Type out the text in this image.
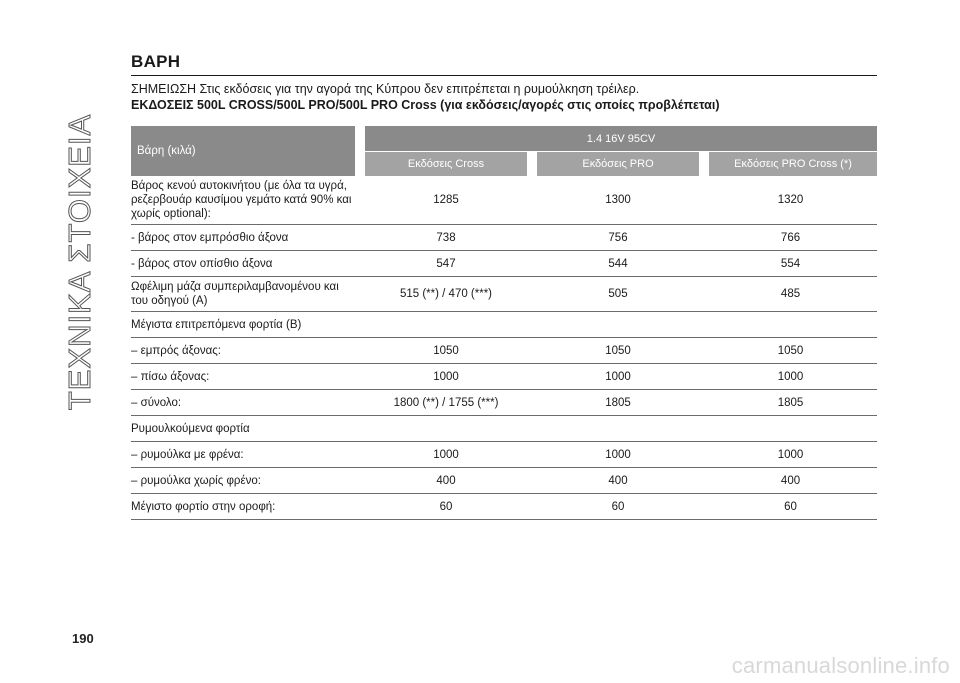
ΤΕΧΝΙΚΑ ΣΤΟΙΧΕΙΑ
ΒΑΡΗ
ΣΗΜΕΙΩΣΗ Στις εκδόσεις για την αγορά της Κύπρου δεν επιτρέπεται η ρυμούλκηση τρέιλερ.
ΕΚΔΟΣΕΙΣ 500L CROSS/500L PRO/500L PRO Cross (για εκδόσεις/αγορές στις οποίες προβλέπεται)
Βάρη (κιλά)	1.4 16V 95CV		
	Εκδόσεις Cross	Εκδόσεις PRO	Εκδόσεις PRO Cross (*)
Βάρος κενού αυτοκινήτου (με όλα τα υγρά, ρεζερβουάρ καυσίμου γεμάτο κατά 90% και χωρίς optional):	1285	1300	1320
- βάρος στον εμπρόσθιο άξονα	738	756	766
- βάρος στον οπίσθιο άξονα	547	544	554
Ωφέλιμη μάζα συμπεριλαμβανομένου και του οδηγού (A)	515 (**) / 470 (***)	505	485
Μέγιστα επιτρεπόμενα φορτία (B)			
– εμπρός άξονας:	1050	1050	1050
– πίσω άξονας:	1000	1000	1000
– σύνολο:	1800 (**) / 1755 (***)	1805	1805
Ρυμουλκούμενα φορτία			
– ρυμούλκα με φρένα:	1000	1000	1000
– ρυμούλκα χωρίς φρένο:	400	400	400
Μέγιστο φορτίο στην οροφή:	60	60	60
190
carmanualsonline.info
